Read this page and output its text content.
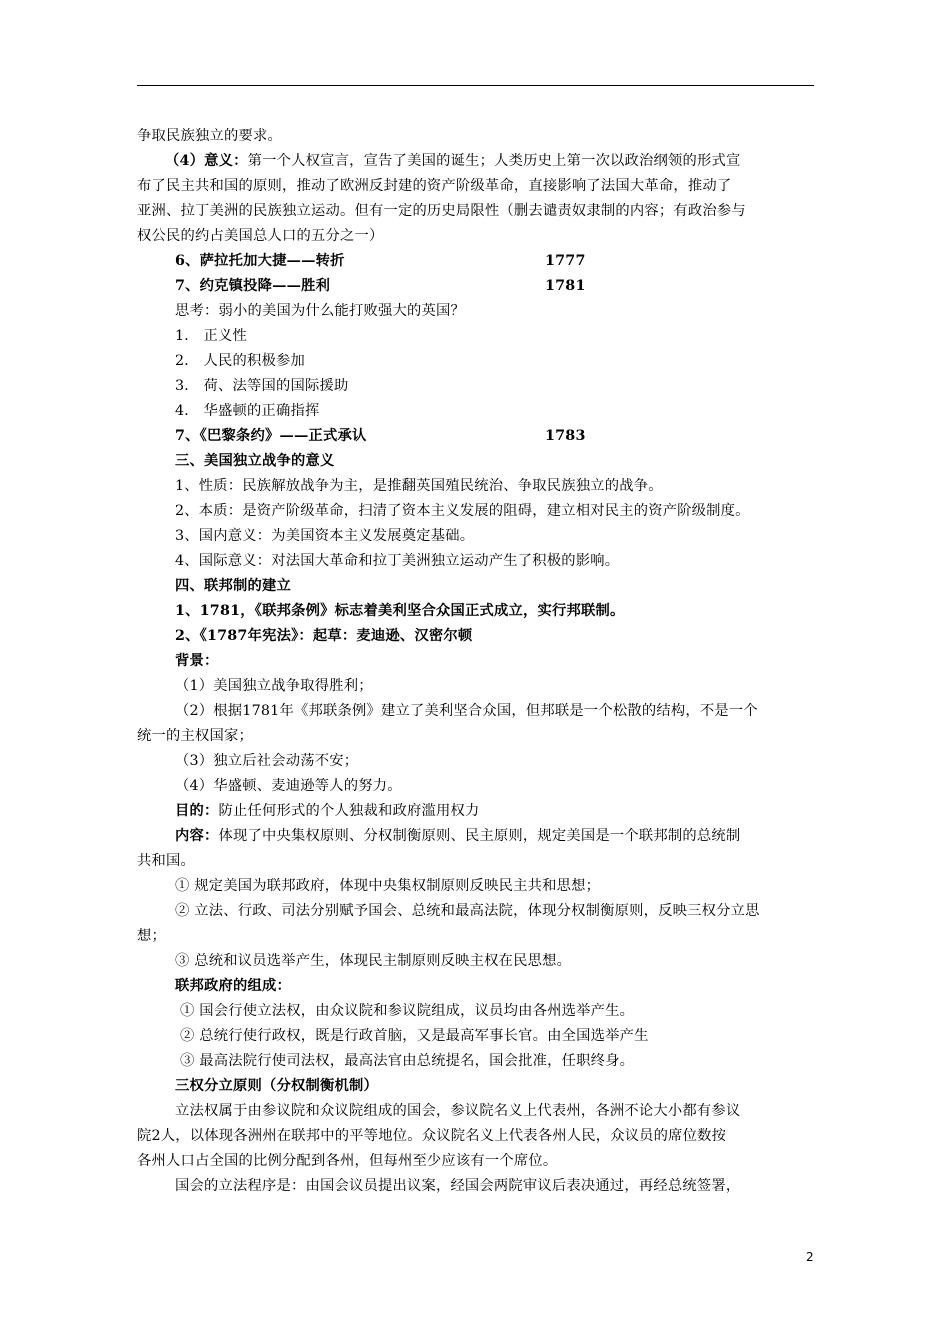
争取民族独立的要求。
（4）意义：第一个人权宣言，宣告了美国的诞生；人类历史上第一次以政治纲领的形式宣
布了民主共和国的原则，推动了欧洲反封建的资产阶级革命，直接影响了法国大革命，推动了
亚洲、拉丁美洲的民族独立运动。但有一定的历史局限性（删去谴责奴隶制的内容；有政治参与
权公民的约占美国总人口的五分之一）
6、萨拉托加大捷——转折	1777
7、约克镇投降——胜利	1781
思考：弱小的美国为什么能打败强大的英国？
1． 正义性
2． 人民的积极参加
3． 荷、法等国的国际援助
4． 华盛顿的正确指挥
7、《巴黎条约》——正式承认	1783
三、美国独立战争的意义
1、性质：民族解放战争为主，是推翻英国殖民统治、争取民族独立的战争。
2、本质：是资产阶级革命，扫清了资本主义发展的阻碍，建立相对民主的资产阶级制度。
3、国内意义：为美国资本主义发展奠定基础。
4、国际意义：对法国大革命和拉丁美洲独立运动产生了积极的影响。
四、联邦制的建立
1、1781，《联邦条例》标志着美利坚合众国正式成立，实行邦联制。
2、《1787年宪法》：起草：麦迪逊、汉密尔顿
背景：
（1）美国独立战争取得胜利；
（2）根据1781年《邦联条例》建立了美利坚合众国，但邦联是一个松散的结构，不是一个
统一的主权国家；
（3）独立后社会动荡不安；
（4）华盛顿、麦迪逊等人的努力。
目的：防止任何形式的个人独裁和政府滥用权力
内容：体现了中央集权原则、分权制衡原则、民主原则，规定美国是一个联邦制的总统制
共和国。
① 规定美国为联邦政府，体现中央集权制原则反映民主共和思想；
② 立法、行政、司法分别赋予国会、总统和最高法院，体现分权制衡原则，反映三权分立思
想；
③ 总统和议员选举产生，体现民主制原则反映主权在民思想。
联邦政府的组成：
① 国会行使立法权，由众议院和参议院组成，议员均由各州选举产生。
② 总统行使行政权，既是行政首脑，又是最高军事长官。由全国选举产生
③ 最高法院行使司法权，最高法官由总统提名，国会批准，任职终身。
三权分立原则（分权制衡机制）
立法权属于由参议院和众议院组成的国会，参议院名义上代表州，各洲不论大小都有参议
院2人，以体现各洲州在联邦中的平等地位。众议院名义上代表各州人民，众议员的席位数按
各州人口占全国的比例分配到各州，但每州至少应该有一个席位。
国会的立法程序是：由国会议员提出议案，经国会两院审议后表决通过，再经总统签署，
2
